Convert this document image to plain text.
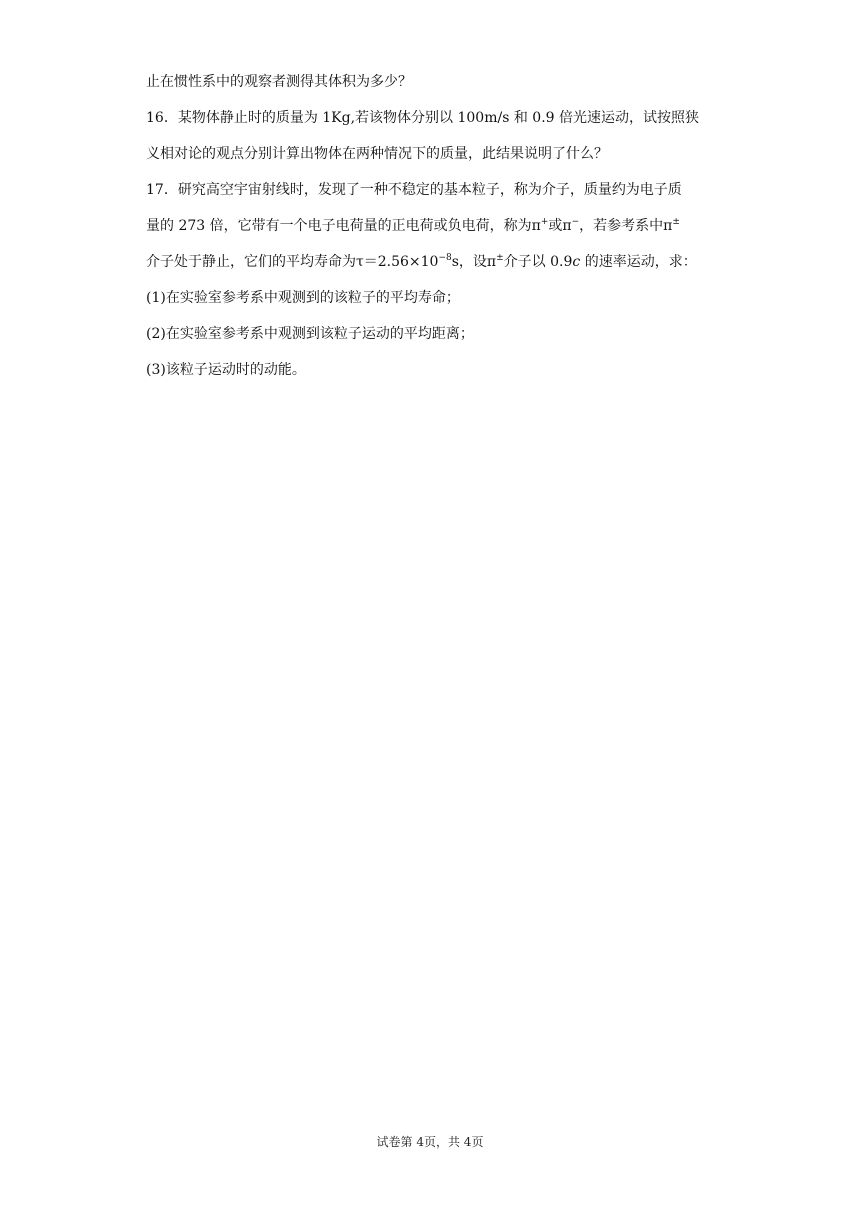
止在惯性系中的观察者测得其体积为多少？
16．某物体静止时的质量为 1Kg,若该物体分别以 100m/s 和 0.9 倍光速运动，试按照狭
义相对论的观点分别计算出物体在两种情况下的质量，此结果说明了什么？
17．研究高空宇宙射线时，发现了一种不稳定的基本粒子，称为介子，质量约为电子质
量的 273 倍，它带有一个电子电荷量的正电荷或负电荷，称为π+或π−，若参考系中π±
介子处于静止，它们的平均寿命为$\tau=2.56\times 10^{-8}s$，设π±介子以 0.9c 的速率运动，求：
(1)在实验室参考系中观测到的该粒子的平均寿命；
(2)在实验室参考系中观测到该粒子运动的平均距离；
(3)该粒子运动时的动能。
试卷第 4页，共 4页
